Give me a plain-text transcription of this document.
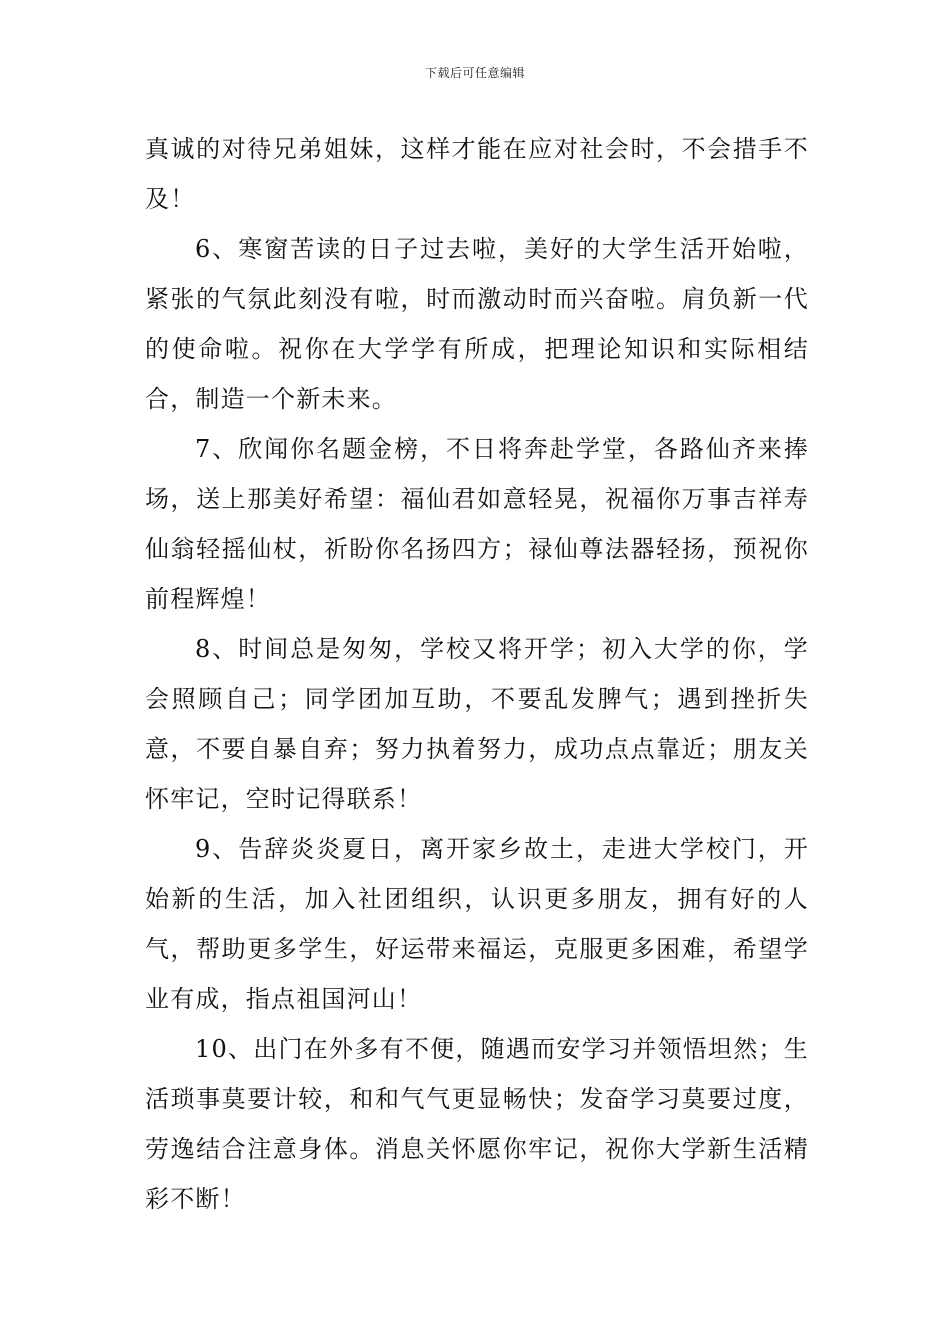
下载后可任意编辑

真诚的对待兄弟姐妹，这样才能在应对社会时，不会措手不及！

6、寒窗苦读的日子过去啦，美好的大学生活开始啦，紧张的气氛此刻没有啦，时而激动时而兴奋啦。肩负新一代的使命啦。祝你在大学学有所成，把理论知识和实际相结合，制造一个新未来。

7、欣闻你名题金榜，不日将奔赴学堂，各路仙齐来捧场，送上那美好希望：福仙君如意轻晃，祝福你万事吉祥寿仙翁轻摇仙杖，祈盼你名扬四方；禄仙尊法器轻扬，预祝你前程辉煌！

8、时间总是匆匆，学校又将开学；初入大学的你，学会照顾自己；同学团加互助，不要乱发脾气；遇到挫折失意，不要自暴自弃；努力执着努力，成功点点靠近；朋友关怀牢记，空时记得联系！

9、告辞炎炎夏日，离开家乡故土，走进大学校门，开始新的生活，加入社团组织，认识更多朋友，拥有好的人气，帮助更多学生，好运带来福运，克服更多困难，希望学业有成，指点祖国河山！

10、出门在外多有不便，随遇而安学习并领悟坦然；生活琐事莫要计较，和和气气更显畅快；发奋学习莫要过度，劳逸结合注意身体。消息关怀愿你牢记，祝你大学新生活精彩不断！
